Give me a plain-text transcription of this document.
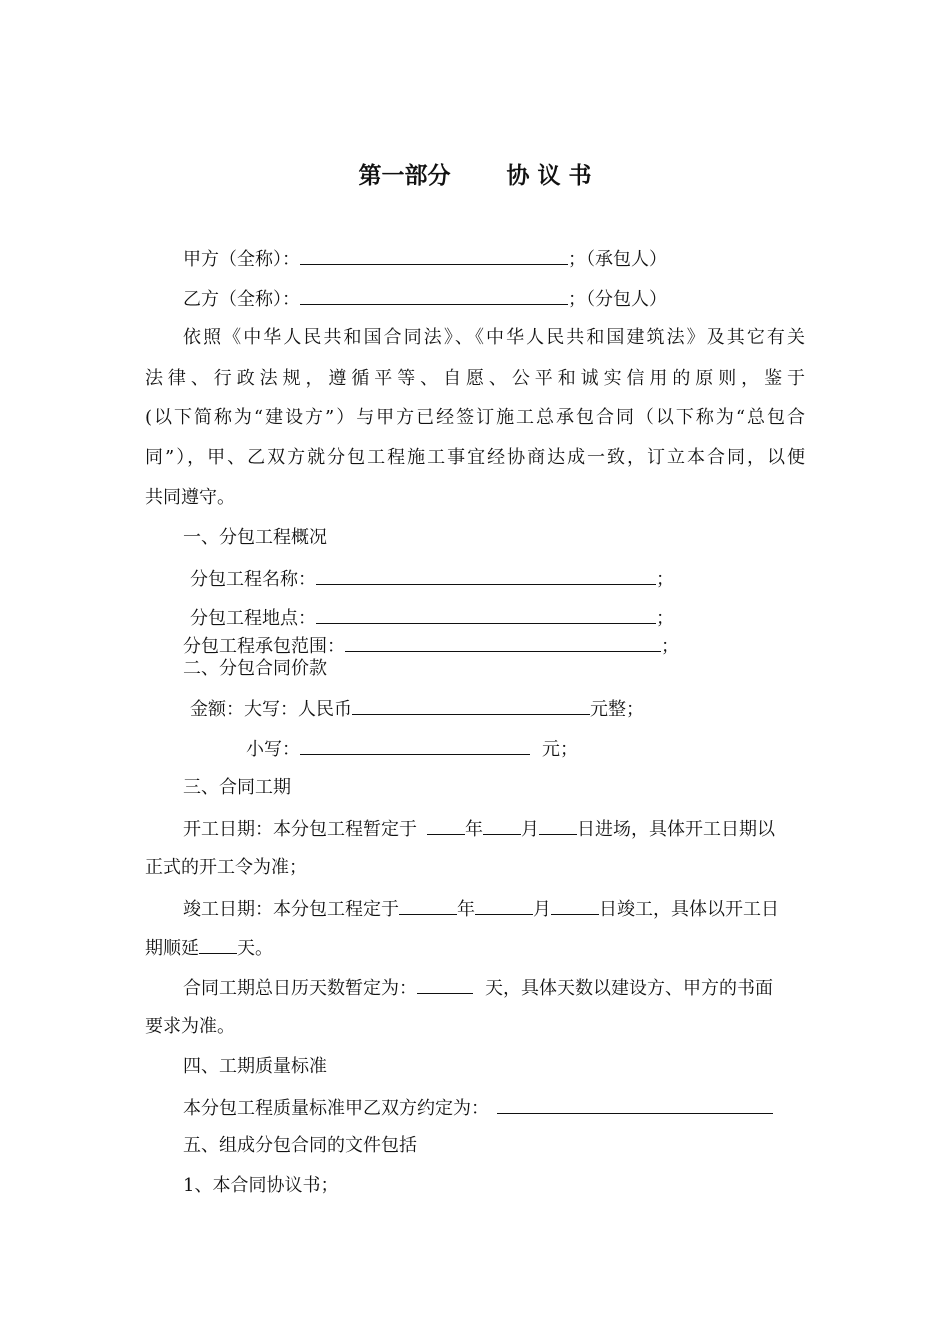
第一部分 协 议 书
甲方（全称）：	；（承包人）
乙方（全称）：	；（分包人）
依照《中华人民共和国合同法》、《中华人民共和国建筑法》及其它有关
法律、行政法规，遵循平等、自愿、公平和诚实信用的原则，鉴于
(以下简称为“建设方”）与甲方已经签订施工总承包合同（以下称为“总包合
同”），甲、乙双方就分包工程施工事宜经协商达成一致，订立本合同，以便
共同遵守。
一、分包工程概况
分包工程名称：	；
分包工程地点：	；
分包工程承包范围：	；
二、分包合同价款
金额：大写：人民币	元整；
小写：	元；
三、合同工期
开工日期：本分包工程暂定于	年 月 日进场，具体开工日期以
正式的开工令为准；
竣工日期：本分包工程定于	年	月	日竣工，具体以开工日
期顺延 天。
合同工期总日历天数暂定为：	天，具体天数以建设方、甲方的书面
要求为准。
四、工期质量标准
本分包工程质量标准甲乙双方约定为：
五、组成分包合同的文件包括
1、本合同协议书；
